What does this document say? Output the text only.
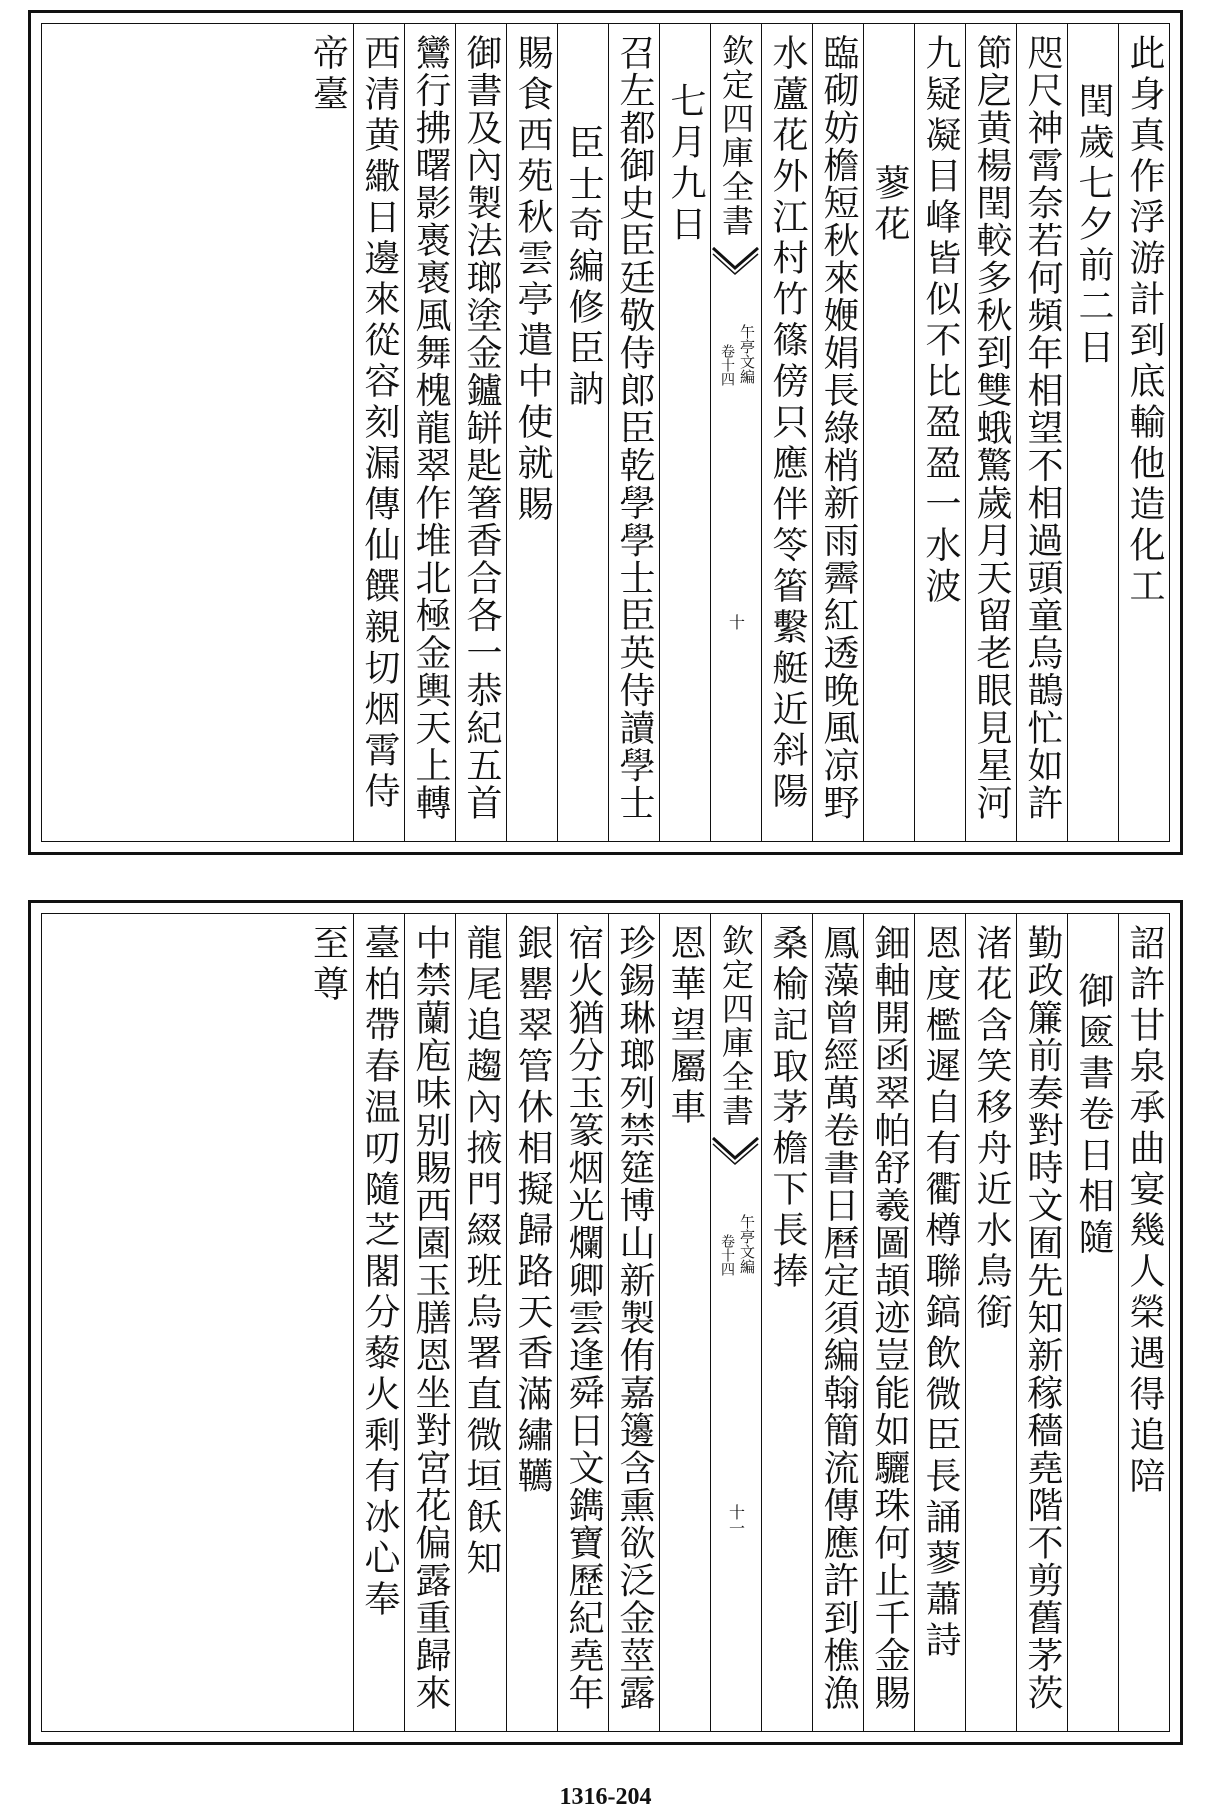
此身真作浮游計到底輸他造化工
閏歲七夕前二日
咫尺神霄奈若何頻年相望不相過頭童烏鵲忙如許
節戹黄楊閏較多秋到雙蛾驚歲月天留老眼見星河
九疑凝目峰皆似不比盈盈一水波
蓼花
臨砌妨檐短秋來㛹娟長綠梢新雨霽紅透晚風凉野
水蘆花外江村竹篠傍只應伴笭箵繫艇近斜陽
欽定四庫全書
午亭文編
卷十四
十
七月九日
召左都御史臣廷敬侍郎臣乾學學士臣英侍讀學士
臣士奇編修臣訥
賜食西苑秋雲亭遣中使就賜
御書及內製法瑯塗金鑪缾匙箸香合各一恭紀五首
鸞行拂曙影褭褭風舞槐龍翠作堆北極金輿天上轉
西清黄繖日邊來從容刻漏傳仙饌親切烟霄侍
帝臺
詔許甘泉承曲宴幾人榮遇得追陪
御匳書卷日相隨
勤政簾前奏對時文囿先知新稼穡堯階不剪舊茅茨
渚花含笑移舟近水鳥銜
恩度檻遲自有衢樽聯鎬飲微臣長誦蓼蕭詩
鈿軸開函翠帕舒羲圖頡迹豈能如驪珠何止千金賜
鳳藻曾經萬卷書日曆定須編翰簡流傳應許到樵漁
桑榆記取茅檐下長捧
欽定四庫全書
午亭文編
卷十四
十一
恩華望屬車
珍錫琳瑯列禁筵博山新製侑嘉籩含熏欲泛金莖露
宿火猶分玉篆烟光爛卿雲逢舜日文鐫寶歷紀堯年
銀罌翠管休相擬歸路天香滿繡韉
龍尾追趨內掖門綴班烏署直微垣飫知
中禁蘭庖味别賜西園玉膳恩坐對宮花偏露重歸來
臺柏帶春温叨隨芝閣分藜火剩有冰心奉
至尊
1316-204
